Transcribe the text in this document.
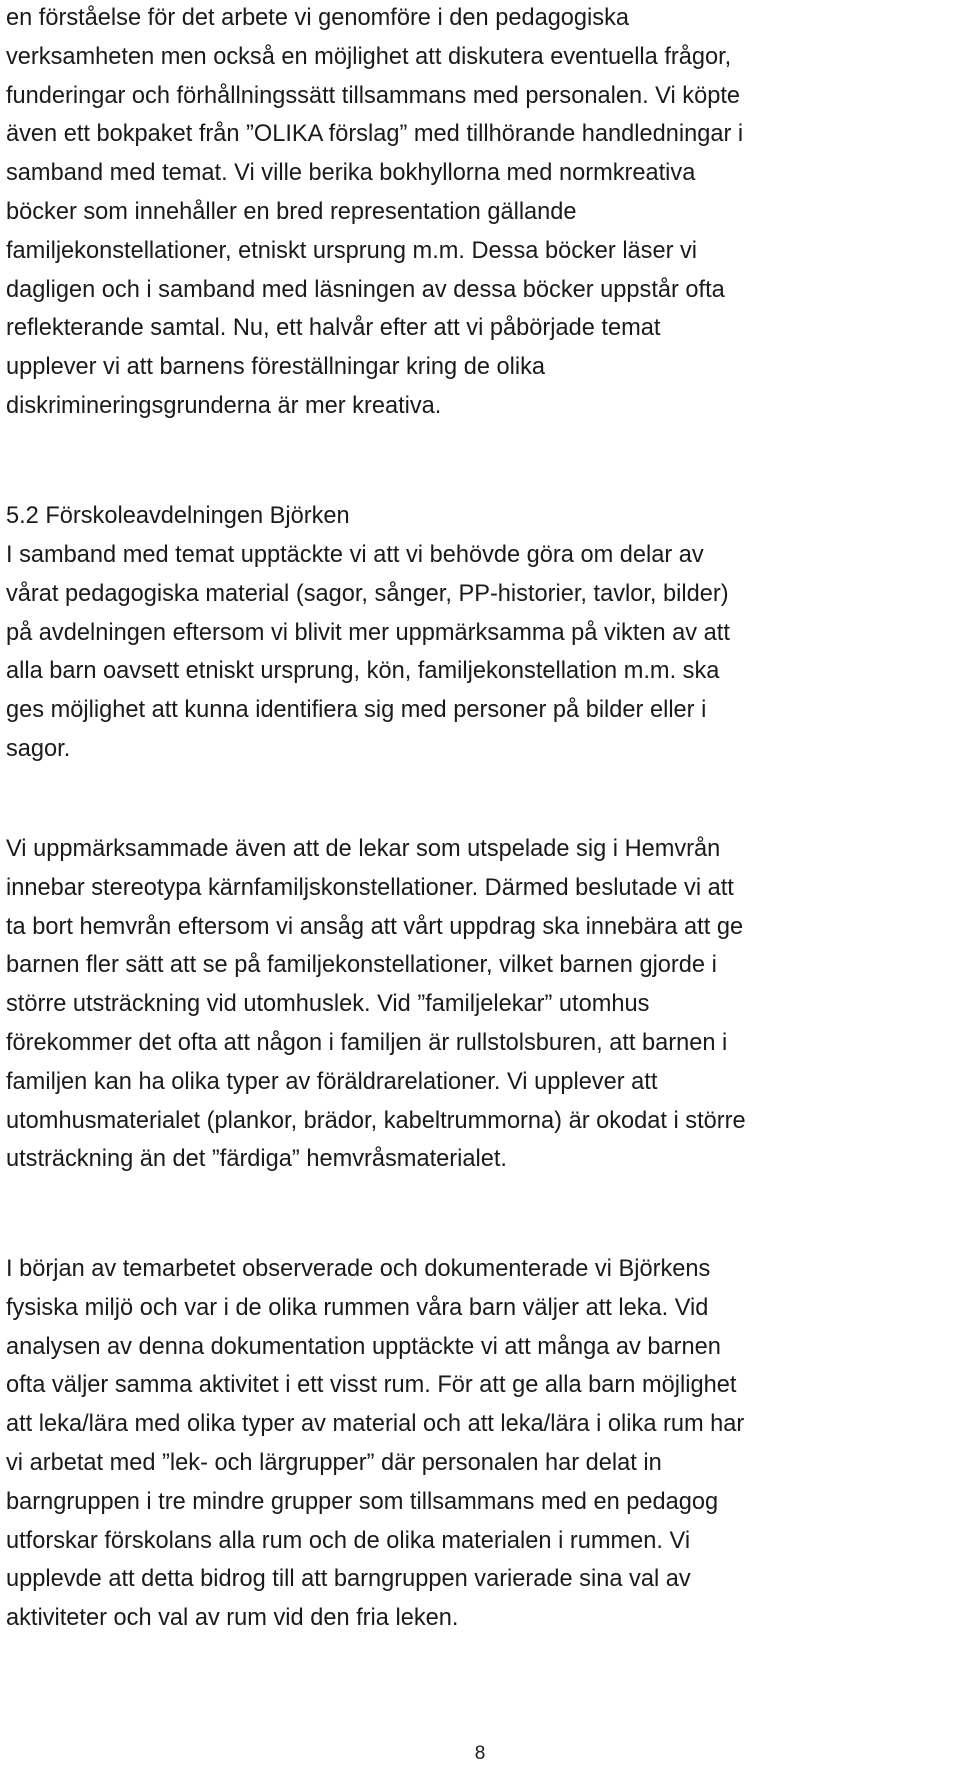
en förståelse för det arbete vi genomföre i den pedagogiska
verksamheten men också en möjlighet att diskutera eventuella frågor,
funderingar och förhållningssätt tillsammans med personalen. Vi köpte
även ett bokpaket från ”OLIKA förslag” med tillhörande handledningar i
samband med temat. Vi ville berika bokhyllorna med normkreativa
böcker som innehåller en bred representation gällande
familjekonstellationer, etniskt ursprung m.m. Dessa böcker läser vi
dagligen och i samband med läsningen av dessa böcker uppstår ofta
reflekterande samtal. Nu, ett halvår efter att vi påbörjade temat
upplever vi att barnens föreställningar kring de olika
diskrimineringsgrunderna är mer kreativa.

5.2 Förskoleavdelningen Björken

I samband med temat upptäckte vi att vi behövde göra om delar av
vårat pedagogiska material (sagor, sånger, PP-historier, tavlor, bilder)
på avdelningen eftersom vi blivit mer uppmärksamma på vikten av att
alla barn oavsett etniskt ursprung, kön, familjekonstellation m.m. ska
ges möjlighet att kunna identifiera sig med personer på bilder eller i
sagor.

Vi uppmärksammade även att de lekar som utspelade sig i Hemvrån
innebar stereotypa kärnfamiljskonstellationer. Därmed beslutade vi att
ta bort hemvrån eftersom vi ansåg att vårt uppdrag ska innebära att ge
barnen fler sätt att se på familjekonstellationer, vilket barnen gjorde i
större utsträckning vid utomhuslek. Vid ”familjelekar” utomhus
förekommer det ofta att någon i familjen är rullstolsburen, att barnen i
familjen kan ha olika typer av föräldrarelationer. Vi upplever att
utomhusmaterialet (plankor, brädor, kabeltrummorna) är okodat i större
utsträckning än det ”färdiga” hemvråsmaterialet.

I början av temarbetet observerade och dokumenterade vi Björkens
fysiska miljö och var i de olika rummen våra barn väljer att leka. Vid
analysen av denna dokumentation upptäckte vi att många av barnen
ofta väljer samma aktivitet i ett visst rum. För att ge alla barn möjlighet
att leka/lära med olika typer av material och att leka/lära i olika rum har
vi arbetat med ”lek- och lärgrupper” där personalen har delat in
barngruppen i tre mindre grupper som tillsammans med en pedagog
utforskar förskolans alla rum och de olika materialen i rummen. Vi
upplevde att detta bidrog till att barngruppen varierade sina val av
aktiviteter och val av rum vid den fria leken.

8
